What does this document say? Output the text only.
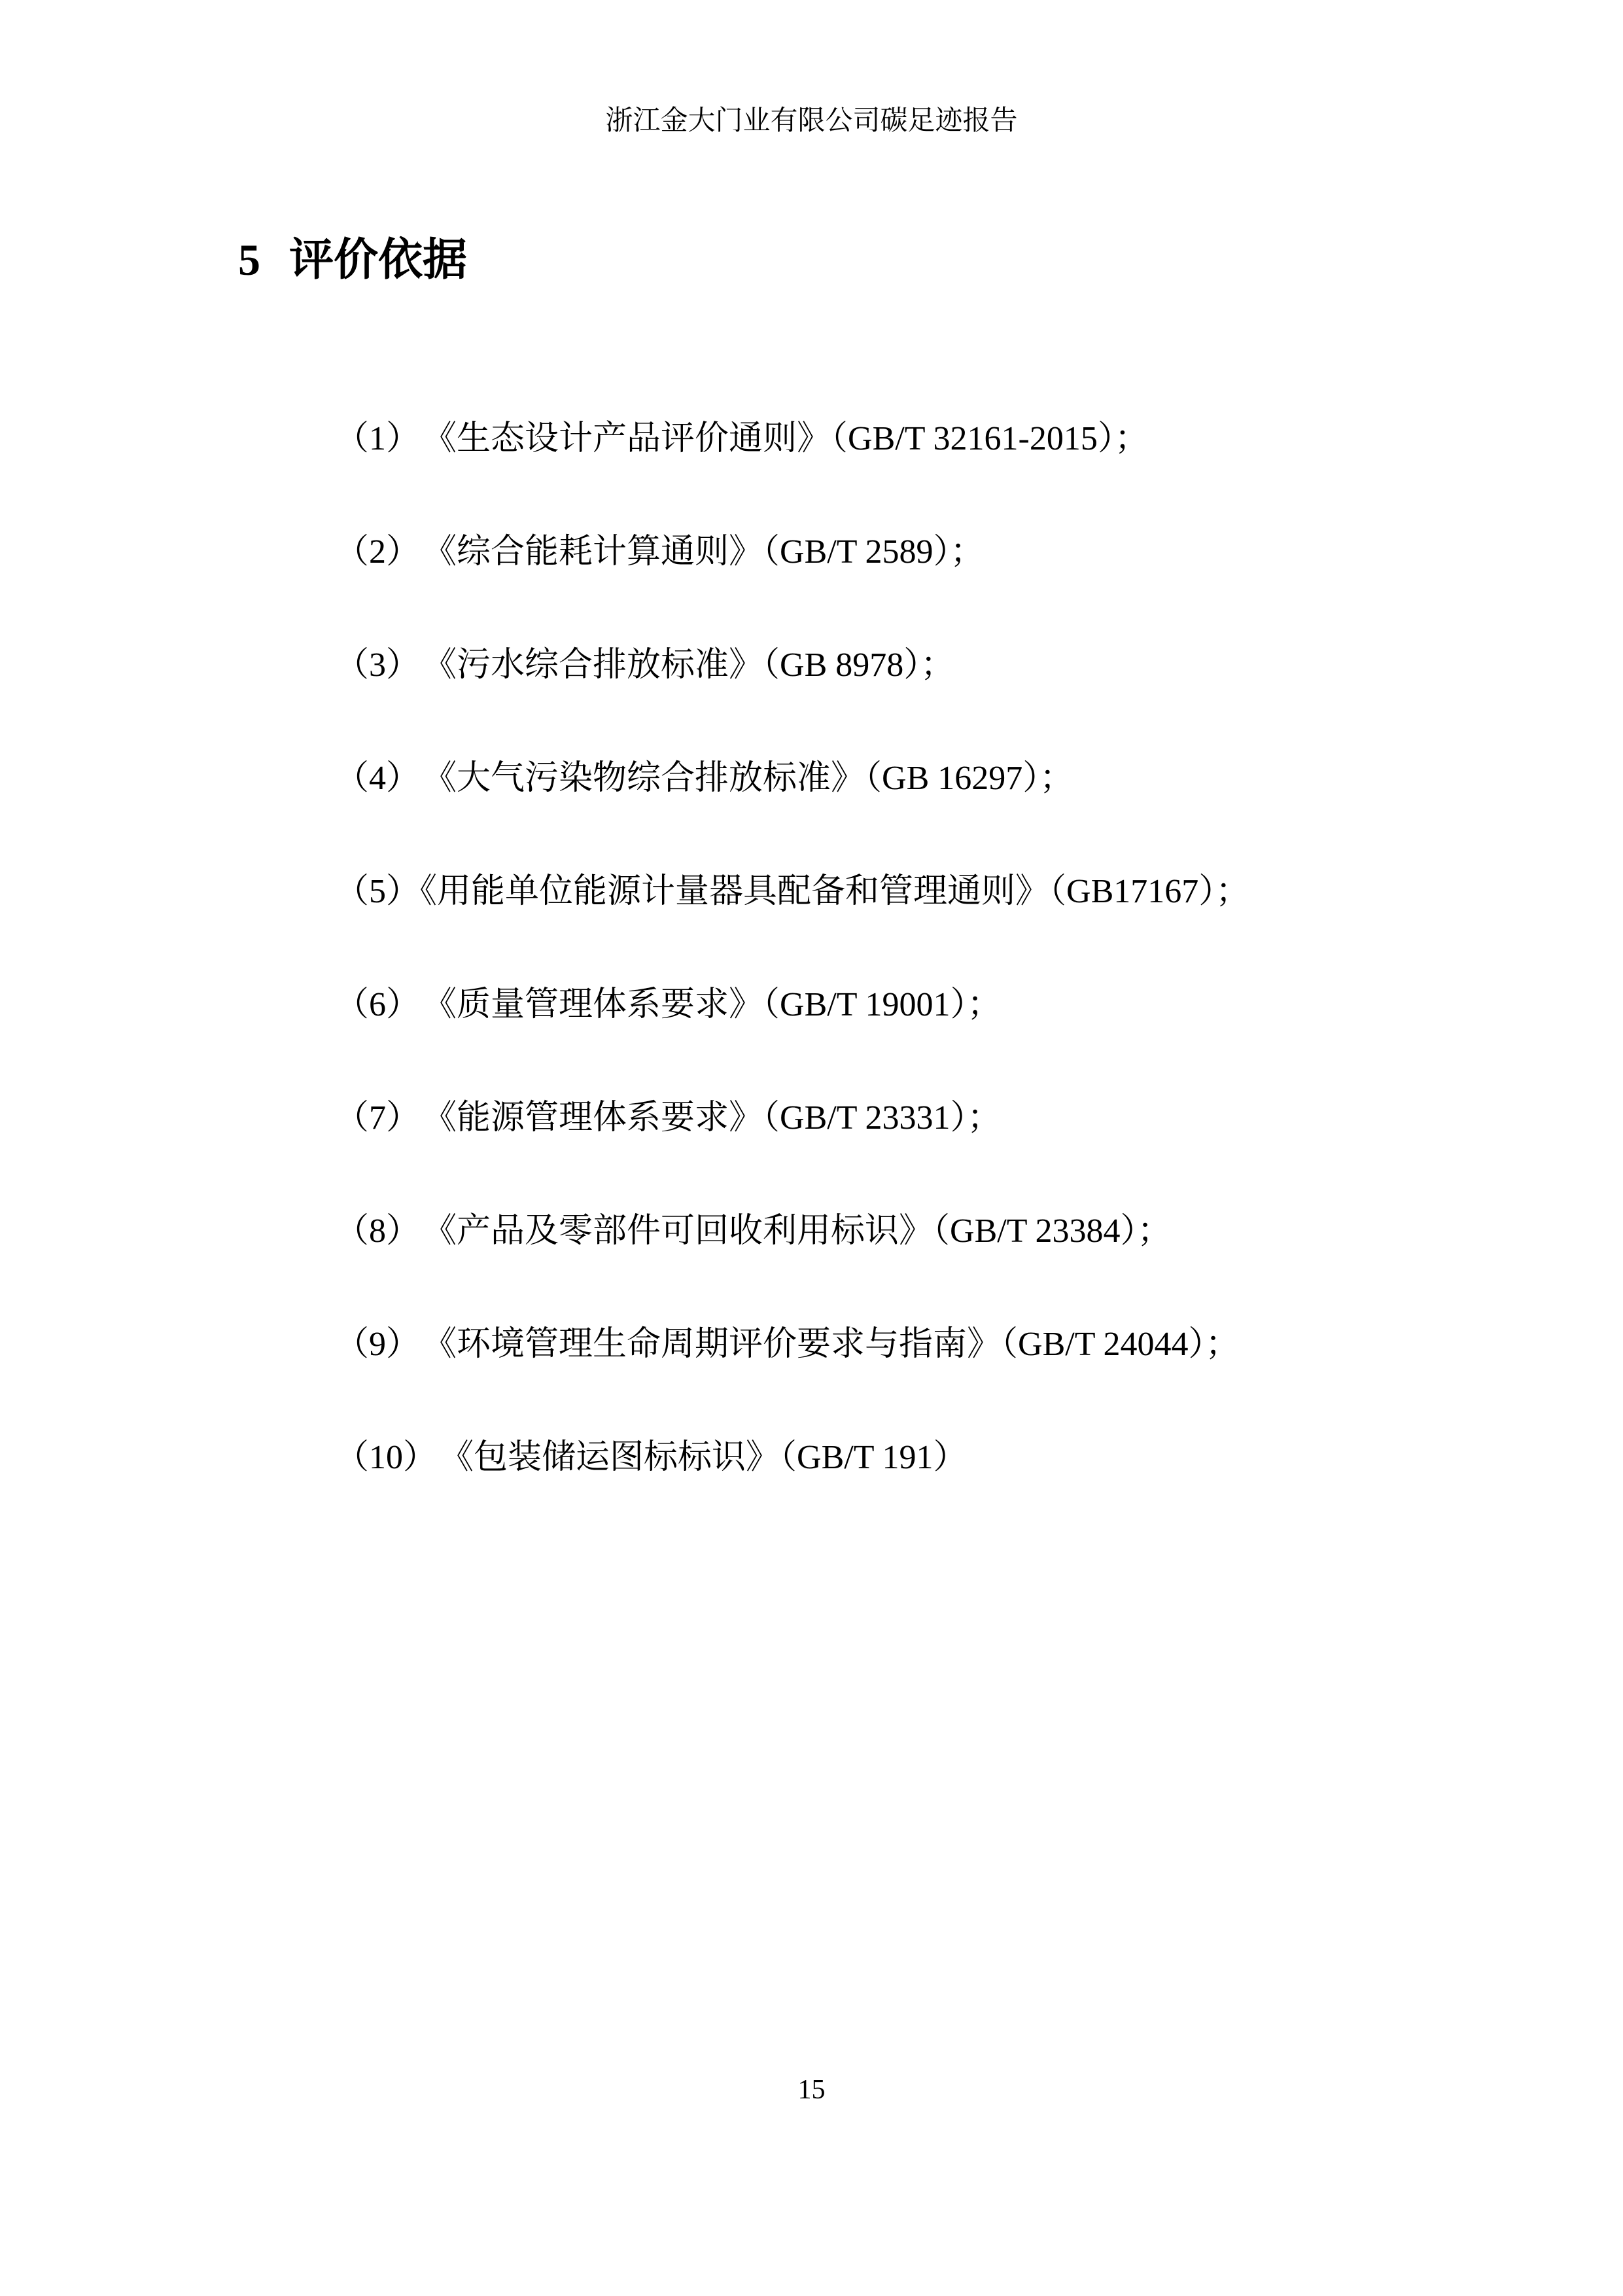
浙江金大门业有限公司碳足迹报告
5 评价依据

（1） 《生态设计产品评价通则》（GB/T 32161-2015）；

（2） 《综合能耗计算通则》（GB/T 2589）；

（3） 《污水综合排放标准》（GB 8978）；

（4） 《大气污染物综合排放标准》（GB 16297）；

（5）《用能单位能源计量器具配备和管理通则》（GB17167）；

（6） 《质量管理体系要求》（GB/T 19001）；

（7） 《能源管理体系要求》（GB/T 23331）；

（8） 《产品及零部件可回收利用标识》（GB/T 23384）；

（9） 《环境管理生命周期评价要求与指南》（GB/T 24044）；

（10） 《包装储运图标标识》（GB/T 191）

15
